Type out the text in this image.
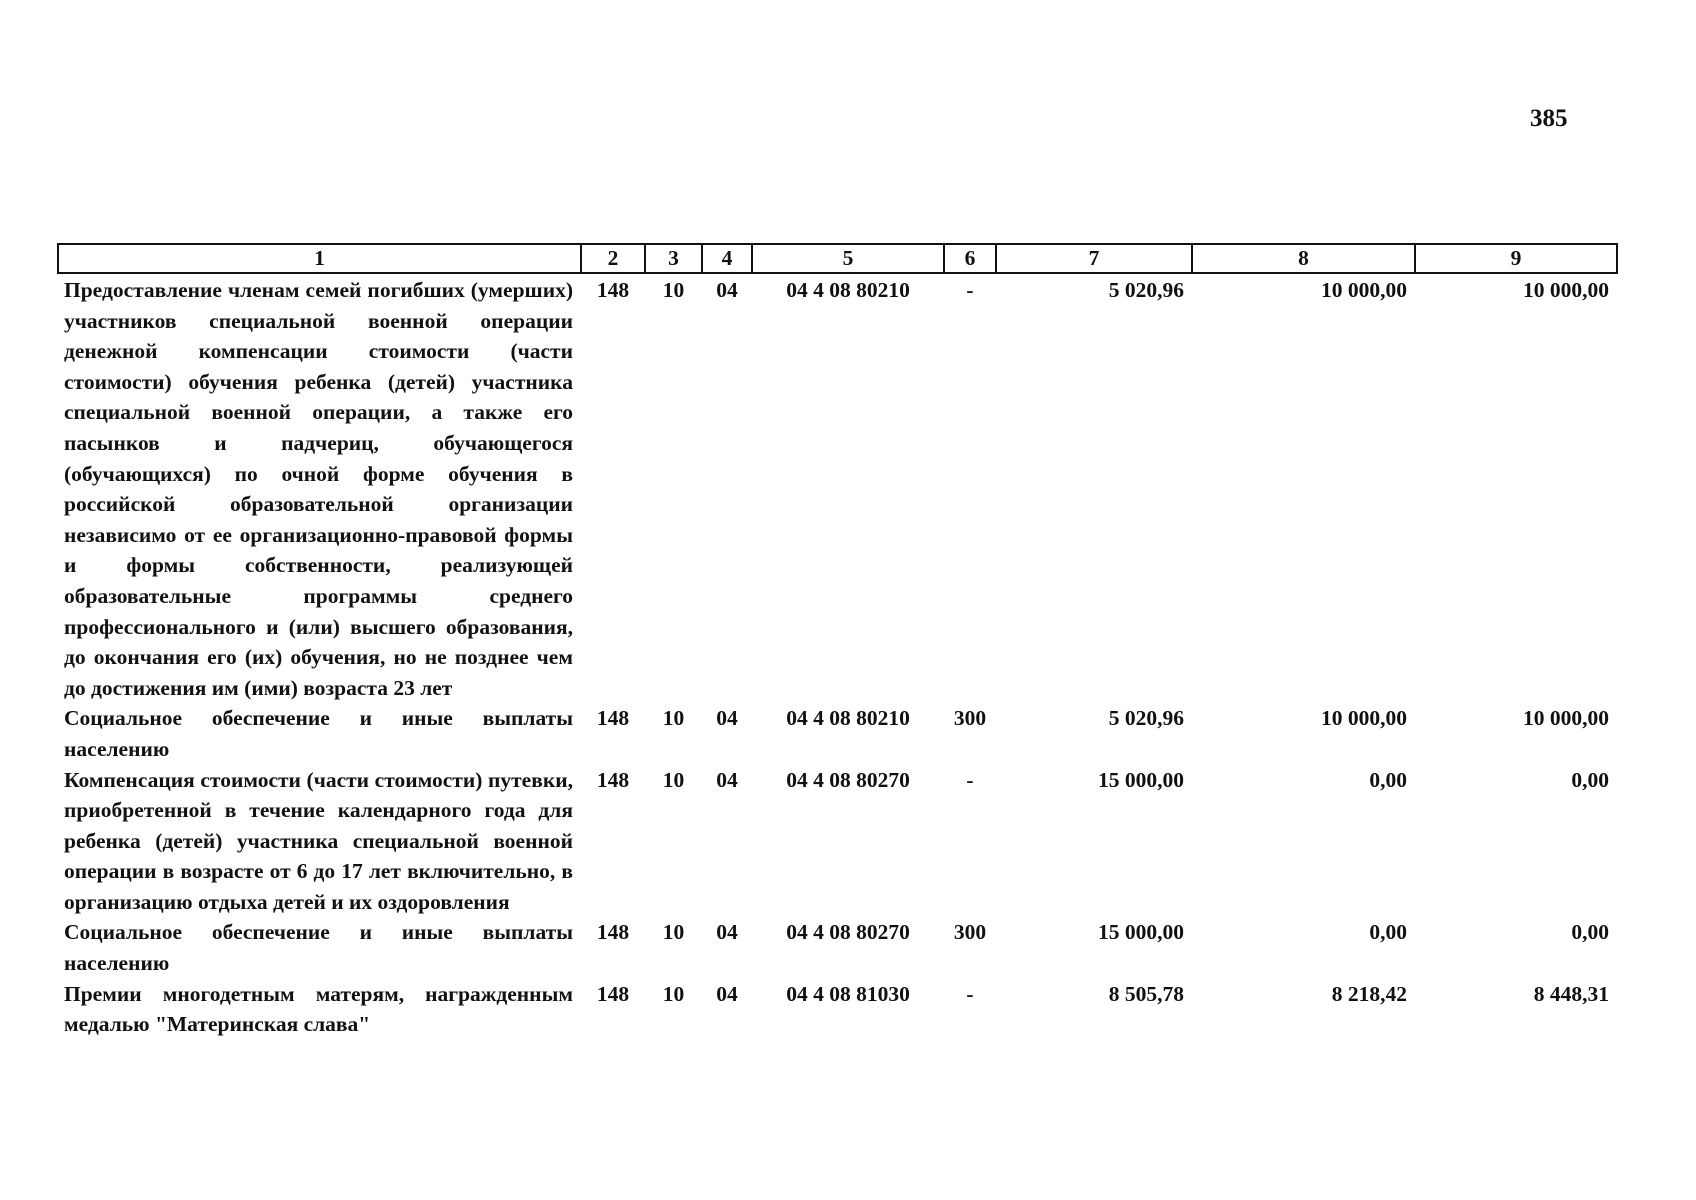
385
1	2	3	4	5	6	7	8	9
Предоставление членам семей погибших (умерших) участников специальной военной операции денежной компенсации стоимости (части стоимости) обучения ребенка (детей) участника специальной военной операции, а также его пасынков и падчериц, обучающегося (обучающихся) по очной форме обучения в российской образовательной организации независимо от ее организационно-правовой формы и формы собственности, реализующей образовательные программы среднего профессионального и (или) высшего образования, до окончания его (их) обучения, но не позднее чем до достижения им (ими) возраста 23 лет	148	10	04	04 4 08 80210	-	5 020,96	10 000,00	10 000,00
Социальное обеспечение и иные выплаты населению	148	10	04	04 4 08 80210	300	5 020,96	10 000,00	10 000,00
Компенсация стоимости (части стоимости) путевки, приобретенной в течение календарного года для ребенка (детей) участника специальной военной операции в возрасте от 6 до 17 лет включительно, в организацию отдыха детей и их оздоровления	148	10	04	04 4 08 80270	-	15 000,00	0,00	0,00
Социальное обеспечение и иные выплаты населению	148	10	04	04 4 08 80270	300	15 000,00	0,00	0,00
Премии многодетным матерям, награжденным медалью "Материнская слава"	148	10	04	04 4 08 81030	-	8 505,78	8 218,42	8 448,31
